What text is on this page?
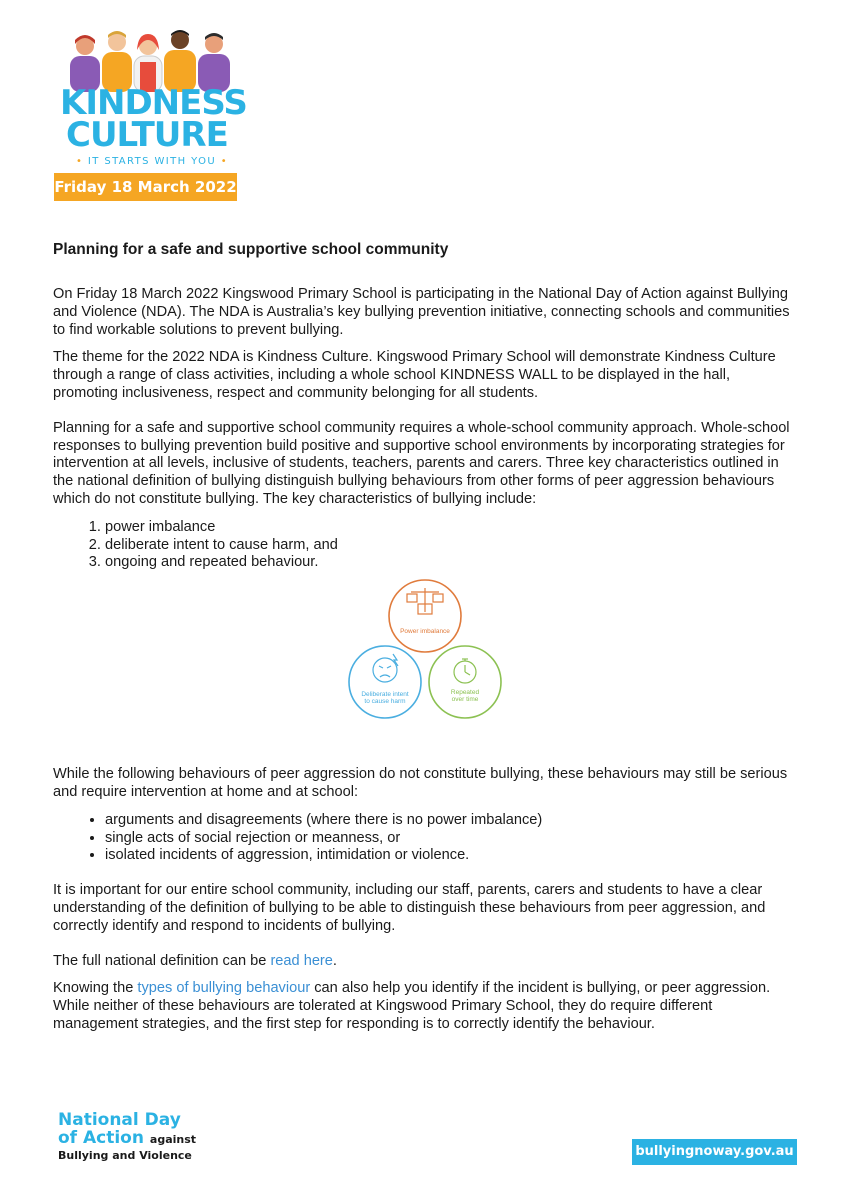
KINDNESS
CULTURE
• IT STARTS WITH YOU •
Friday 18 March 2022
Planning for a safe and supportive school community

On Friday 18 March 2022 Kingswood Primary School is participating in the National Day of Action against Bullying and Violence (NDA). The NDA is Australia’s key bullying prevention initiative, connecting schools and communities to find workable solutions to prevent bullying.

The theme for the 2022 NDA is Kindness Culture. Kingswood Primary School will demonstrate Kindness Culture through a range of class activities, including a whole school KINDNESS WALL to be displayed in the hall, promoting inclusiveness, respect and community belonging for all students.

Planning for a safe and supportive school community requires a whole-school community approach. Whole-school responses to bullying prevention build positive and supportive school environments by incorporating strategies for intervention at all levels, inclusive of students, teachers, parents and carers. Three key characteristics outlined in the national definition of bullying distinguish bullying behaviours from other forms of peer aggression behaviours which do not constitute bullying. The key characteristics of bullying include:

1. power imbalance
2. deliberate intent to cause harm, and
3. ongoing and repeated behaviour.
Power imbalance
Deliberate intent
to cause harm
Repeated
over time

While the following behaviours of peer aggression do not constitute bullying, these behaviours may still be serious and require intervention at home and at school:

• arguments and disagreements (where there is no power imbalance)
• single acts of social rejection or meanness, or
• isolated incidents of aggression, intimidation or violence.

It is important for our entire school community, including our staff, parents, carers and students to have a clear understanding of the definition of bullying to be able to distinguish these behaviours from peer aggression, and correctly identify and respond to incidents of bullying.

The full national definition can be read here.

Knowing the types of bullying behaviour can also help you identify if the incident is bullying, or peer aggression. While neither of these behaviours are tolerated at Kingswood Primary School, they do require different management strategies, and the first step for responding is to correctly identify the behaviour.

National Day
of Action against
Bullying and Violence	bullyingnoway.gov.au
